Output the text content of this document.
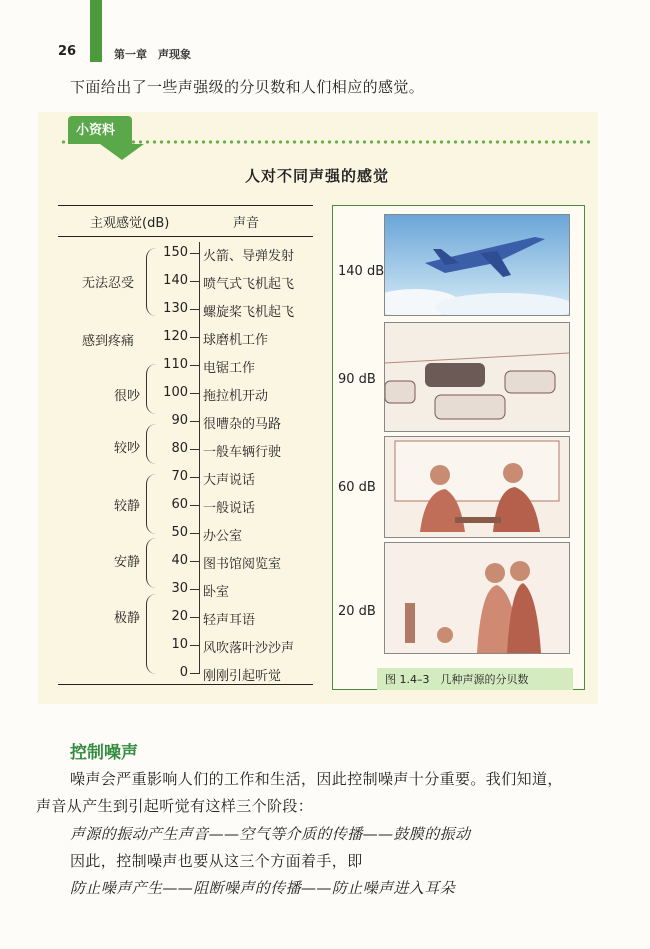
26	第一章　声现象
下面给出了一些声强级的分贝数和人们相应的感觉。
小资料
人对不同声强的感觉
主观感觉(dB)	声音
无法忍受
感到疼痛
很吵
较吵
较静
安静
极静
150 火箭、导弹发射
140 喷气式飞机起飞
130 螺旋桨飞机起飞
120 球磨机工作
110 电锯工作
100 拖拉机开动
90 很嘈杂的马路
80 一般车辆行驶
70 大声说话
60 一般说话
50 办公室
40 图书馆阅览室
30 卧室
20 轻声耳语
10 风吹落叶沙沙声
0 刚刚引起听觉
140 dB
90 dB
60 dB
20 dB
图 1.4–3　几种声源的分贝数
控制噪声
噪声会严重影响人们的工作和生活，因此控制噪声十分重要。我们知道，
声音从产生到引起听觉有这样三个阶段：
声源的振动产生声音——空气等介质的传播——鼓膜的振动
因此，控制噪声也要从这三个方面着手，即
防止噪声产生——阻断噪声的传播——防止噪声进入耳朵
